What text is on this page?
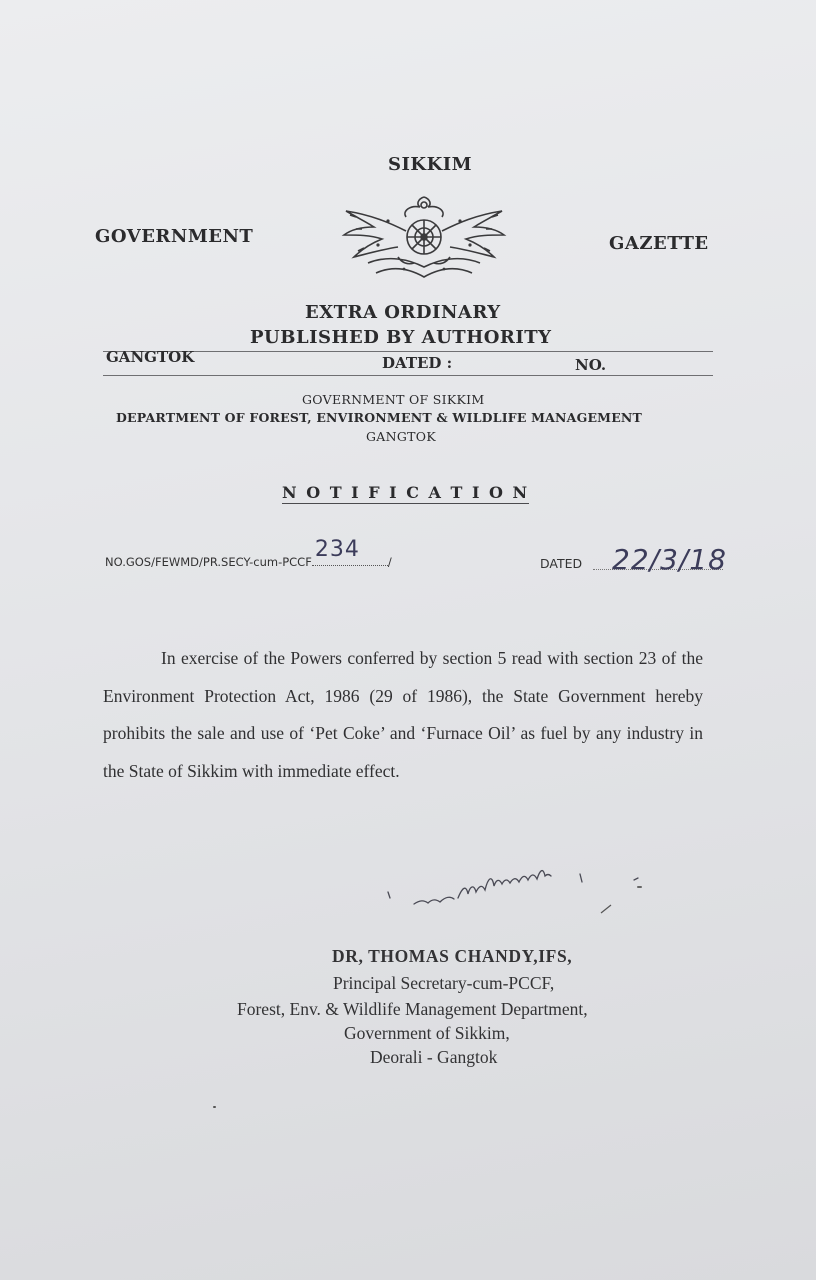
SIKKIM
GOVERNMENT	GAZETTE
EXTRA ORDINARY
PUBLISHED BY AUTHORITY
GANGTOK	DATED :	NO.
GOVERNMENT OF SIKKIM
DEPARTMENT OF FOREST, ENVIRONMENT & WILDLIFE MANAGEMENT
GANGTOK
N O T I F I C A T I O N
NO.GOS/FEWMD/PR.SECY-cum-PCCF 234 /	DATED 22/3/18

In exercise of the Powers conferred by section 5 read with section 23 of the Environment Protection Act, 1986 (29 of 1986), the State Government hereby prohibits the sale and use of ‘Pet Coke’ and ‘Furnace Oil’ as fuel by any industry in the State of Sikkim with immediate effect.

DR, THOMAS CHANDY,IFS,
Principal Secretary-cum-PCCF,
Forest, Env. & Wildlife Management Department,
Government of Sikkim,
Deorali - Gangtok
